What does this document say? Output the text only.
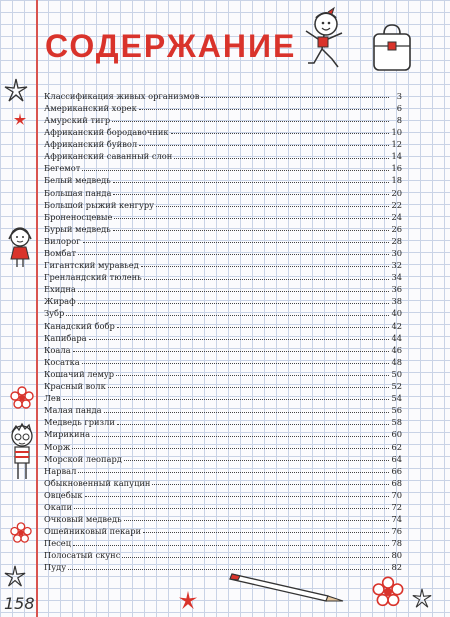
СОДЕРЖАНИЕ
Классификация живых организмов	3
Американский хорек	6
Амурский тигр	8
Африканский бородавочник	10
Африканский буйвол	12
Африканский саванный слон	14
Бегемот	16
Белый медведь	18
Большая панда	20
Большой рыжий кенгуру	22
Броненосцевые	24
Бурый медведь	26
Вилорог	28
Вомбат	30
Гигантский муравьед	32
Гренландский тюлень	34
Ехидна	36
Жираф	38
Зубр	40
Канадский бобр	42
Капибара	44
Коала	46
Косатка	48
Кошачий лемур	50
Красный волк	52
Лев	54
Малая панда	56
Медведь гризли	58
Мирикина	60
Морж	62
Морской леопард	64
Нарвал	66
Обыкновенный капуцин	68
Овцебык	70
Окапи	72
Очковый медведь	74
Ошейниковый пекари	76
Песец	78
Полосатый скунс	80
Пуду	82
158
